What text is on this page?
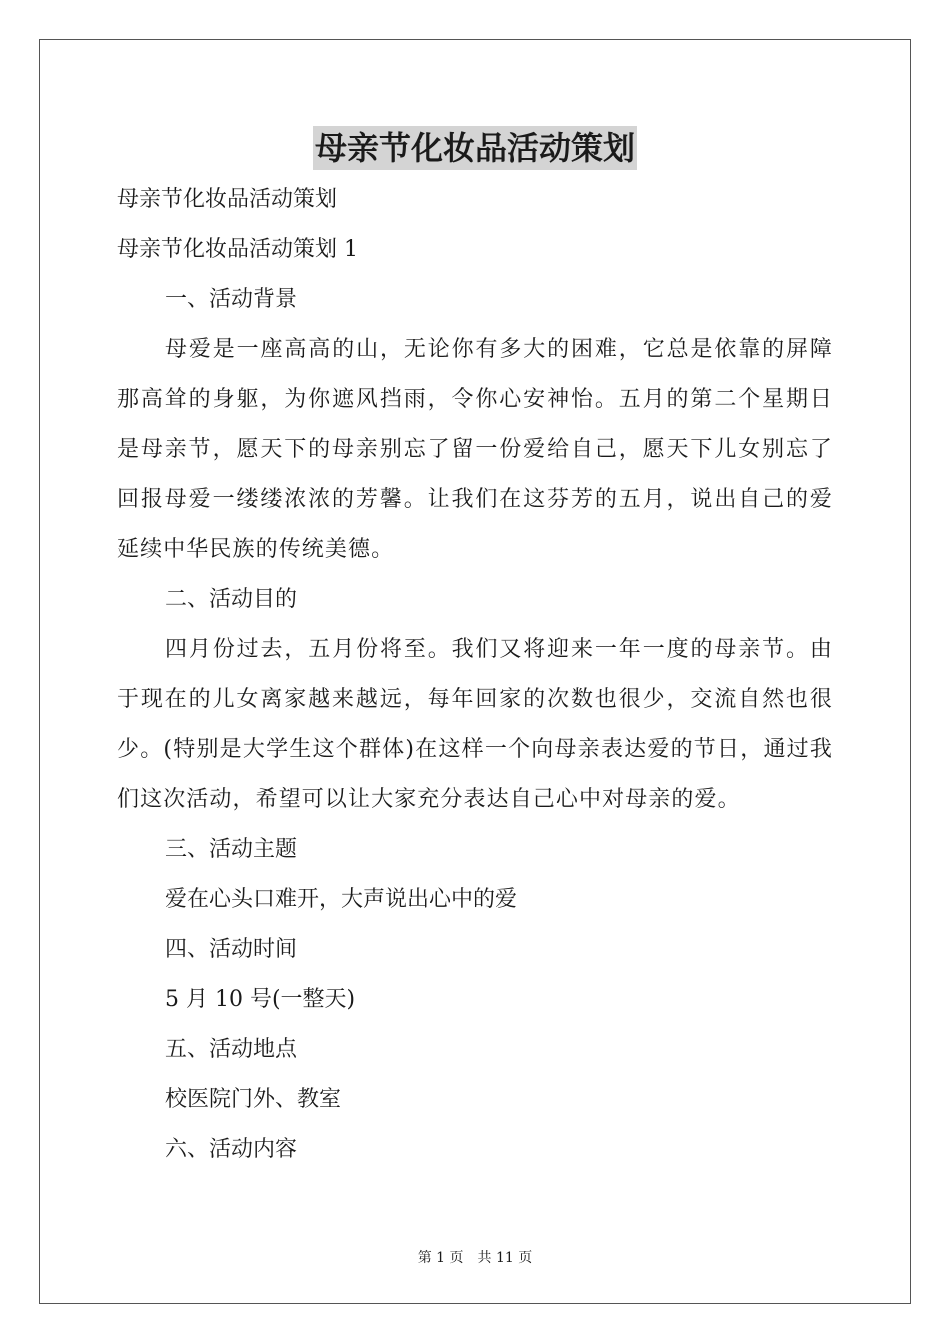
母亲节化妆品活动策划

母亲节化妆品活动策划

母亲节化妆品活动策划 1

一、活动背景

母爱是一座高高的山，无论你有多大的困难，它总是依靠的屏障那高耸的身躯，为你遮风挡雨，令你心安神怡。五月的第二个星期日是母亲节，愿天下的母亲别忘了留一份爱给自己，愿天下儿女别忘了回报母爱一缕缕浓浓的芳馨。让我们在这芬芳的五月，说出自己的爱延续中华民族的传统美德。

二、活动目的

四月份过去，五月份将至。我们又将迎来一年一度的母亲节。由于现在的儿女离家越来越远，每年回家的次数也很少，交流自然也很少。(特别是大学生这个群体)在这样一个向母亲表达爱的节日，通过我们这次活动，希望可以让大家充分表达自己心中对母亲的爱。

三、活动主题

爱在心头口难开，大声说出心中的爱

四、活动时间

5 月 10 号(一整天)

五、活动地点

校医院门外、教室

六、活动内容

第 1 页　共 11 页
